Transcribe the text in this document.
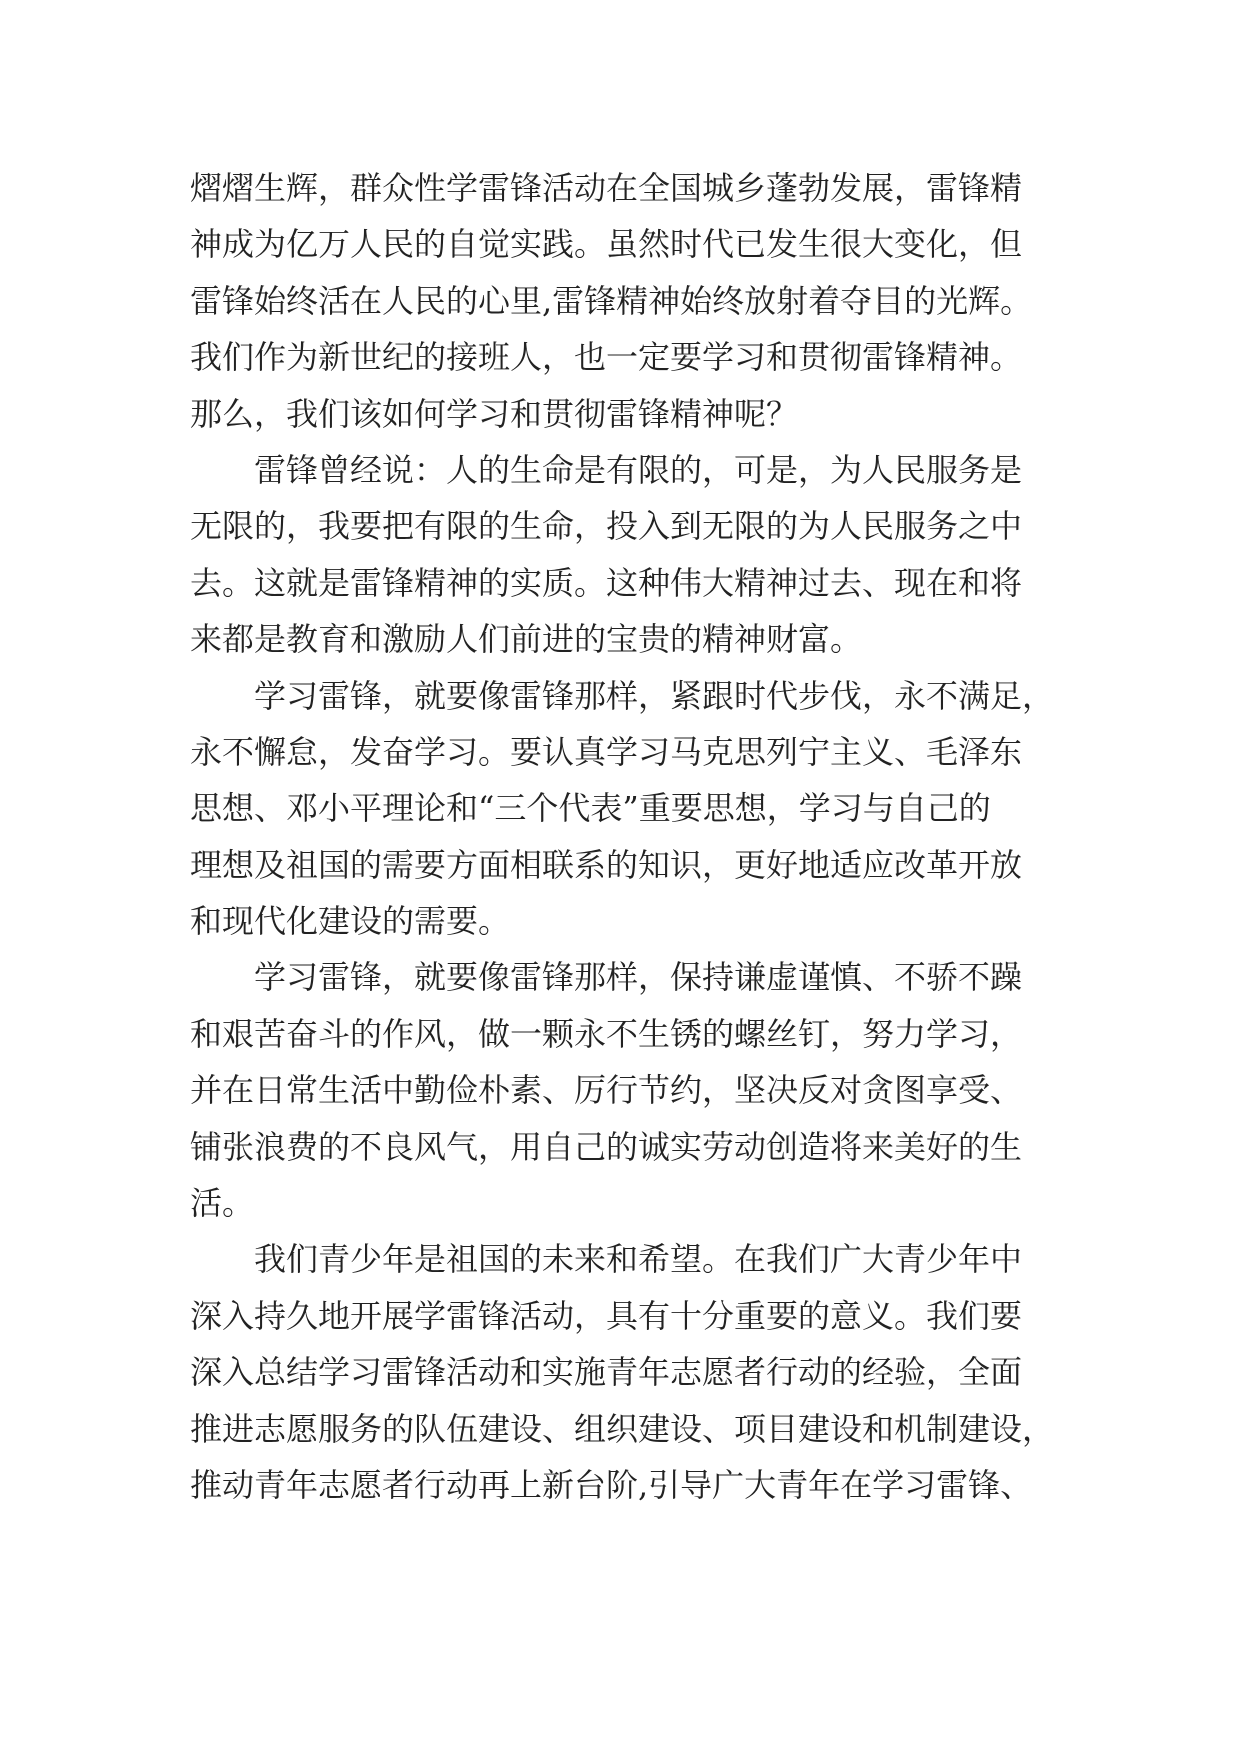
熠熠生辉，群众性学雷锋活动在全国城乡蓬勃发展，雷锋精
神成为亿万人民的自觉实践。虽然时代已发生很大变化，但
雷锋始终活在人民的心里,雷锋精神始终放射着夺目的光辉。
我们作为新世纪的接班人，也一定要学习和贯彻雷锋精神。
那么，我们该如何学习和贯彻雷锋精神呢？
雷锋曾经说：人的生命是有限的，可是，为人民服务是
无限的，我要把有限的生命，投入到无限的为人民服务之中
去。这就是雷锋精神的实质。这种伟大精神过去、现在和将
来都是教育和激励人们前进的宝贵的精神财富。
学习雷锋，就要像雷锋那样，紧跟时代步伐，永不满足，
永不懈怠，发奋学习。要认真学习马克思列宁主义、毛泽东
思想、邓小平理论和“三个代表”重要思想，学习与自己的
理想及祖国的需要方面相联系的知识，更好地适应改革开放
和现代化建设的需要。
学习雷锋，就要像雷锋那样，保持谦虚谨慎、不骄不躁
和艰苦奋斗的作风，做一颗永不生锈的螺丝钉，努力学习，
并在日常生活中勤俭朴素、厉行节约，坚决反对贪图享受、
铺张浪费的不良风气，用自己的诚实劳动创造将来美好的生
活。
我们青少年是祖国的未来和希望。在我们广大青少年中
深入持久地开展学雷锋活动，具有十分重要的意义。我们要
深入总结学习雷锋活动和实施青年志愿者行动的经验，全面
推进志愿服务的队伍建设、组织建设、项目建设和机制建设，
推动青年志愿者行动再上新台阶,引导广大青年在学习雷锋、
